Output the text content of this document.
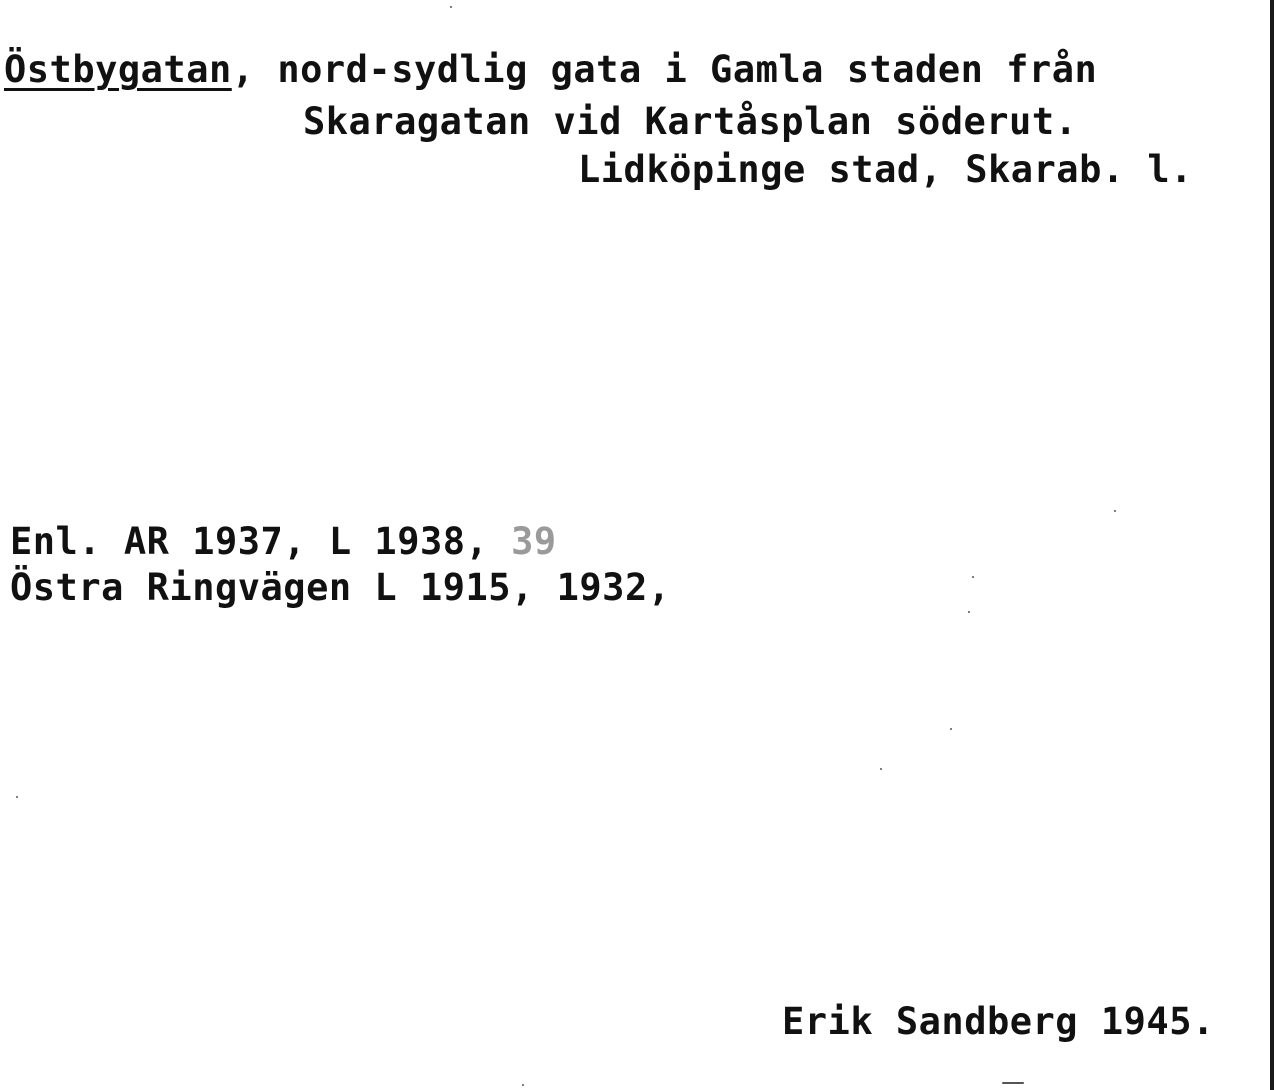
Östbygatan, nord-sydlig gata i Gamla staden från
Skaragatan vid Kartåsplan söderut.
Lidköpinge stad, Skarab. l.
Enl. AR 1937, L 1938, 39
Östra Ringvägen L 1915, 1932,
Erik Sandberg 1945.
